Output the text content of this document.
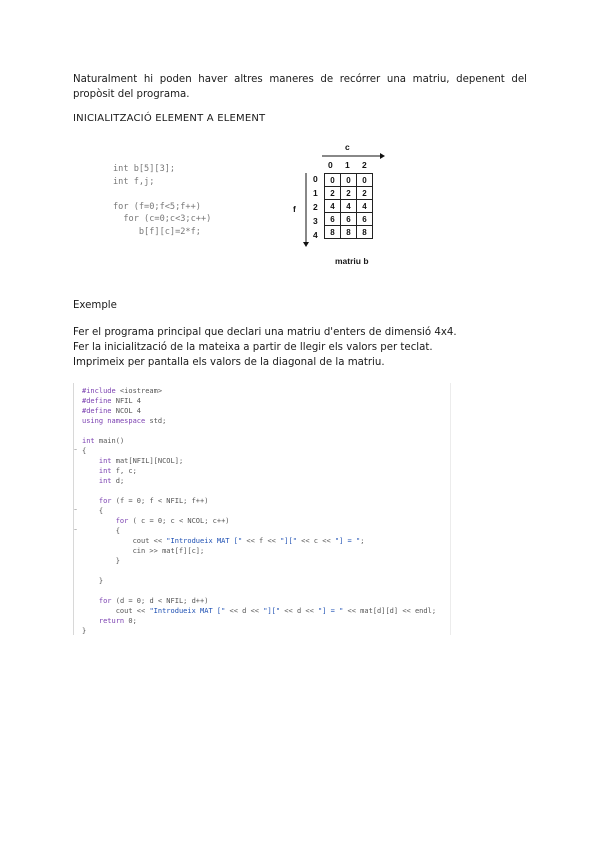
Naturalment hi poden haver altres maneres de recórrer una matriu, depenent del propòsit del programa.
INICIALITZACIÓ ELEMENT A ELEMENT
int b[5][3];
int f,j;
for (f=0;f<5;f++)
for (c=0;c<3;c++)
b[f][c]=2*f;
c
f
0 1 2
0
1
2
3
4
0	0	0
2	2	2
4	4	4
6	6	6
8	8	8
matriu b
Exemple
Fer el programa principal que declari una matriu d'enters de dimensió 4x4.
Fer la inicialització de la mateixa a partir de llegir els valors per teclat.
Imprimeix per pantalla els valors de la diagonal de la matriu.
#include <iostream>
#define NFIL 4
#define NCOL 4
using namespace std;
int main()
{
int mat[NFIL][NCOL];
int f, c;
int d;
for (f = 0; f < NFIL; f++)
{
for ( c = 0; c < NCOL; c++)
{
cout << "Introdueix MAT [" << f << "][" << c << "] = ";
cin >> mat[f][c];
}
}
for (d = 0; d < NFIL; d++)
cout << "Introdueix MAT [" << d << "][" << d << "] = " << mat[d][d] << endl;
return 0;
}
–
–
–
